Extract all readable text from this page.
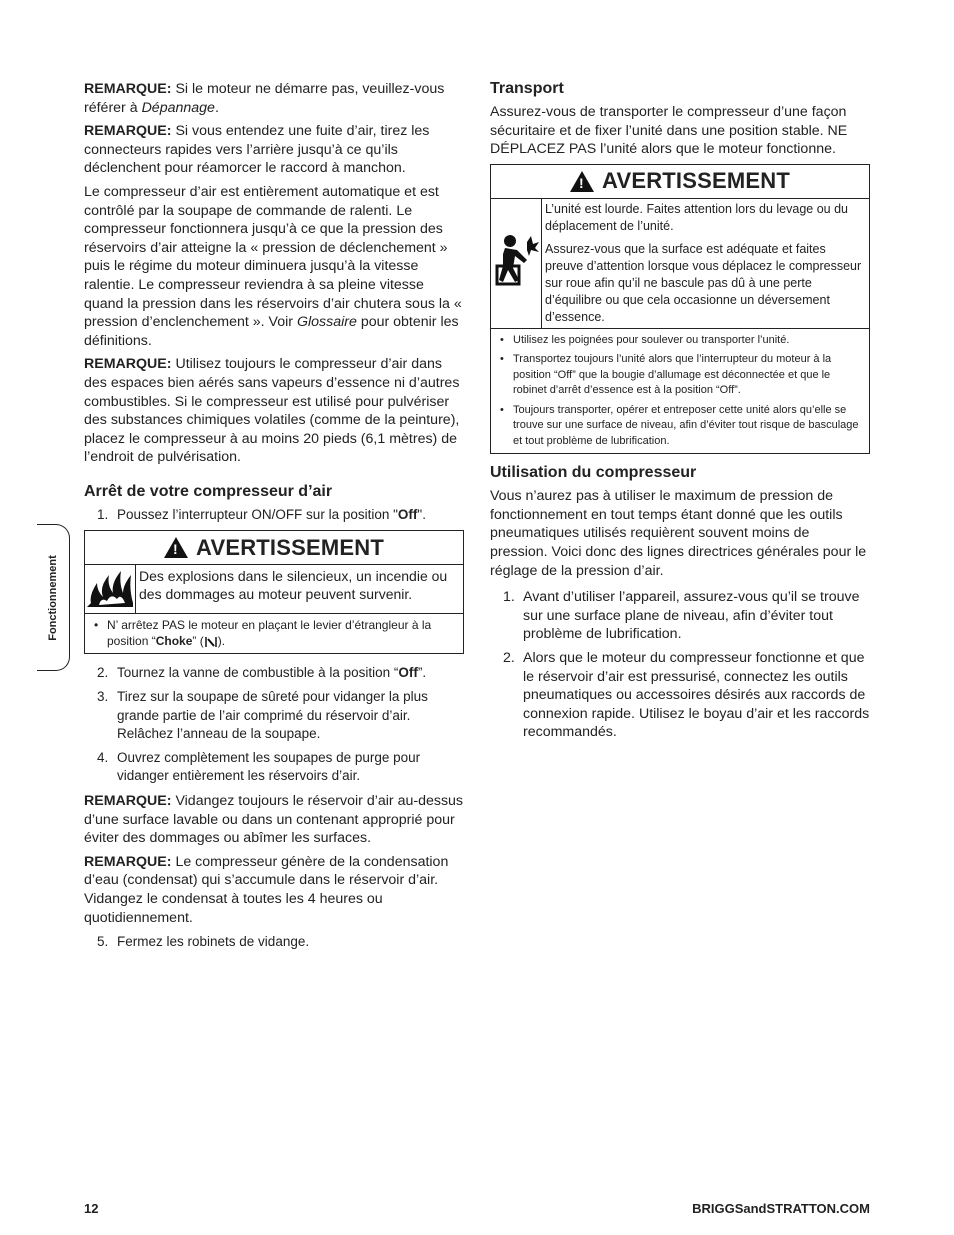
Fonctionnement

REMARQUE: Si le moteur ne démarre pas, veuillez-vous référer à Dépannage.

REMARQUE: Si vous entendez une fuite d’air, tirez les connecteurs rapides vers l’arrière jusqu’à ce qu’ils déclenchent pour réamorcer le raccord à manchon.

Le compresseur d’air est entièrement automatique et est contrôlé par la soupape de commande de ralenti. Le compresseur fonctionnera jusqu’à ce que la pression des réservoirs d’air atteigne la « pression de déclenchement » puis le régime du moteur diminuera jusqu’à la vitesse ralentie. Le compresseur reviendra à sa pleine vitesse quand la pression dans les réservoirs d’air chutera sous la « pression d’enclenchement ». Voir Glossaire pour obtenir les définitions.

REMARQUE: Utilisez toujours le compresseur d’air dans des espaces bien aérés sans vapeurs d’essence ni d’autres combustibles. Si le compresseur est utilisé pour pulvériser des substances chimiques volatiles (comme de la peinture), placez le compresseur à au moins 20 pieds (6,1 mètres) de l’endroit de pulvérisation.

Arrêt de votre compresseur d’air
1. Poussez l’interrupteur ON/OFF sur la position "Off".
!
AVERTISSEMENT
Des explosions dans le silencieux, un incendie ou des dommages au moteur peuvent survenir.
• N’ arrêtez PAS le moteur en plaçant le levier d’étrangleur à la position “Choke” ( ).
2. Tournez la vanne de combustible à la position “Off”.
3. Tirez sur la soupape de sûreté pour vidanger la plus grande partie de l’air comprimé du réservoir d’air. Relâchez l’anneau de la soupape.
4. Ouvrez complètement les soupapes de purge pour vidanger entièrement les réservoirs d’air.

REMARQUE: Vidangez toujours le réservoir d’air au-dessus d’une surface lavable ou dans un contenant approprié pour éviter des dommages ou abîmer les surfaces.

REMARQUE: Le compresseur génère de la condensation d’eau (condensat) qui s’accumule dans le réservoir d’air. Vidangez le condensat à toutes les 4 heures ou quotidiennement.

5. Fermez les robinets de vidange.
Transport

Assurez-vous de transporter le compresseur d’une façon sécuritaire et de fixer l’unité dans une position stable. NE DÉPLACEZ PAS l’unité alors que le moteur fonctionne.

!
AVERTISSEMENT

L’unité est lourde. Faites attention lors du levage ou du déplacement de l’unité.

Assurez-vous que la surface est adéquate et faites preuve d’attention lorsque vous déplacez le compresseur sur roue afin qu’il ne bascule pas dû à une perte d’équilibre ou que cela occasionne un déversement d’essence.

• Utilisez les poignées pour soulever ou transporter l’unité.
• Transportez toujours l’unité alors que l’interrupteur du moteur à la position “Off” que la bougie d’allumage est déconnectée et que le robinet d’arrêt d’essence est à la position “Off”.
• Toujours transporter, opérer et entreposer cette unité alors qu’elle se trouve sur une surface de niveau, afin d’éviter tout risque de basculage et tout problème de lubrification.
Utilisation du compresseur

Vous n’aurez pas à utiliser le maximum de pression de fonctionnement en tout temps étant donné que les outils pneumatiques utilisés requièrent souvent moins de pression. Voici donc des lignes directrices générales pour le réglage de la pression d’air.

1. Avant d’utiliser l’appareil, assurez-vous qu’il se trouve sur une surface plane de niveau, afin d’éviter tout problème de lubrification.
2. Alors que le moteur du compresseur fonctionne et que le réservoir d’air est pressurisé, connectez les outils pneumatiques ou accessoires désirés aux raccords de connexion rapide. Utilisez le boyau d’air et les raccords recommandés.
12	BRIGGSandSTRATTON.COM
